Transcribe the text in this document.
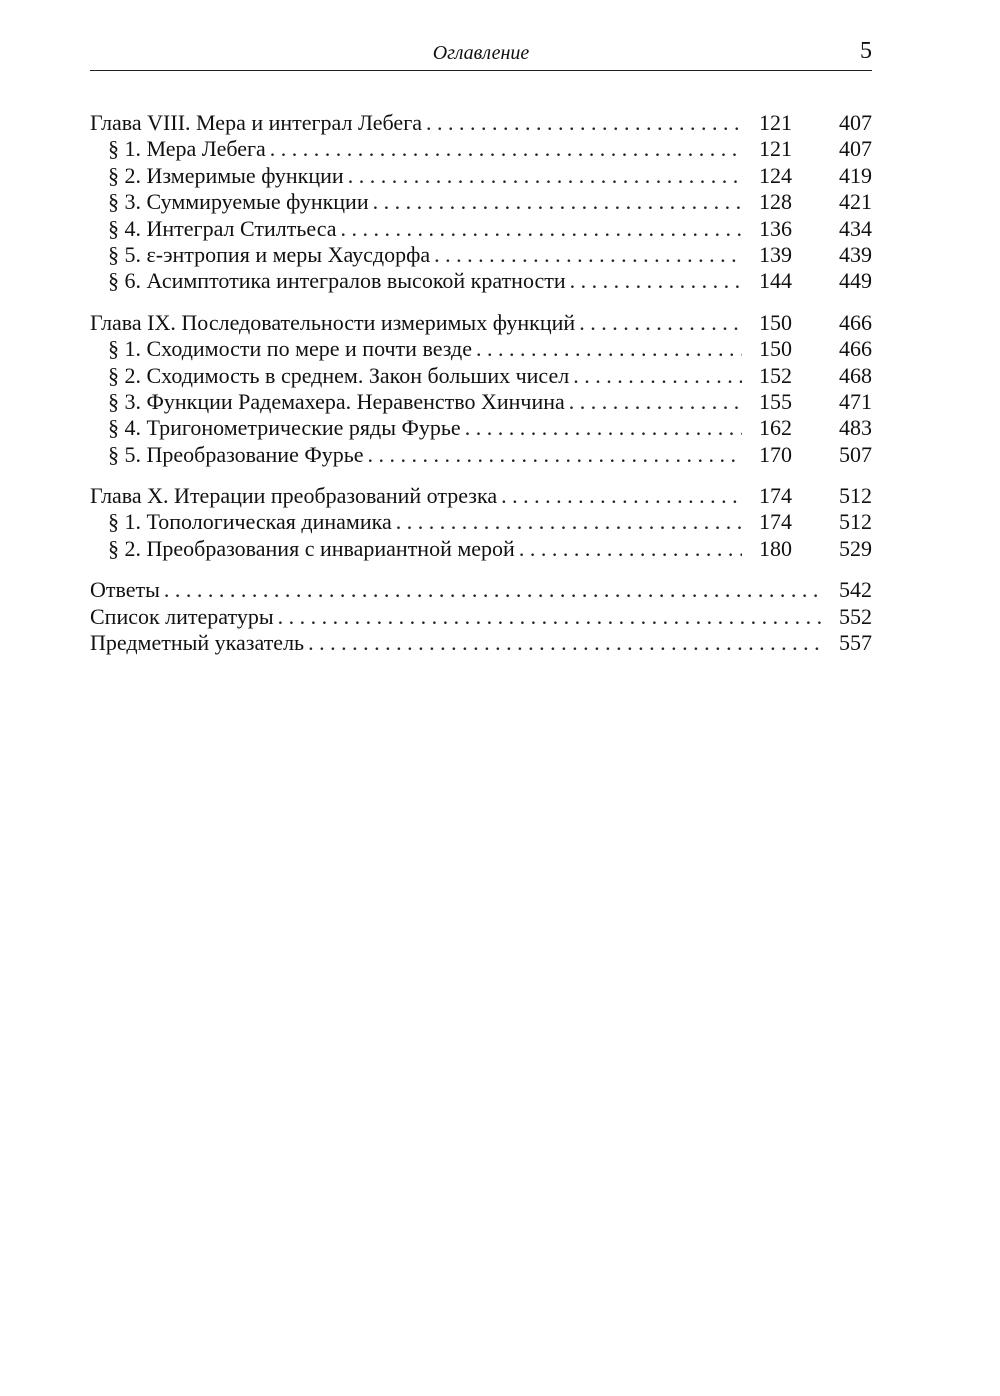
Оглавление	5
Глава VIII. Мера и интеграл Лебега . . .	121	407
§ 1. Мера Лебега . . .	121	407
§ 2. Измеримые функции . . .	124	419
§ 3. Суммируемые функции . . .	128	421
§ 4. Интеграл Стилтьеса . . .	136	434
§ 5. ε-энтропия и меры Хаусдорфа . . .	139	439
§ 6. Асимптотика интегралов высокой кратности . . .	144	449
Глава IX. Последовательности измеримых функций . . .	150	466
§ 1. Сходимости по мере и почти везде . . .	150	466
§ 2. Сходимость в среднем. Закон больших чисел . . .	152	468
§ 3. Функции Радемахера. Неравенство Хинчина . . .	155	471
§ 4. Тригонометрические ряды Фурье . . .	162	483
§ 5. Преобразование Фурье . . .	170	507
Глава X. Итерации преобразований отрезка . . .	174	512
§ 1. Топологическая динамика . . .	174	512
§ 2. Преобразования с инвариантной мерой . . .	180	529
Ответы . . .	542
Список литературы . . .	552
Предметный указатель . . .	557
